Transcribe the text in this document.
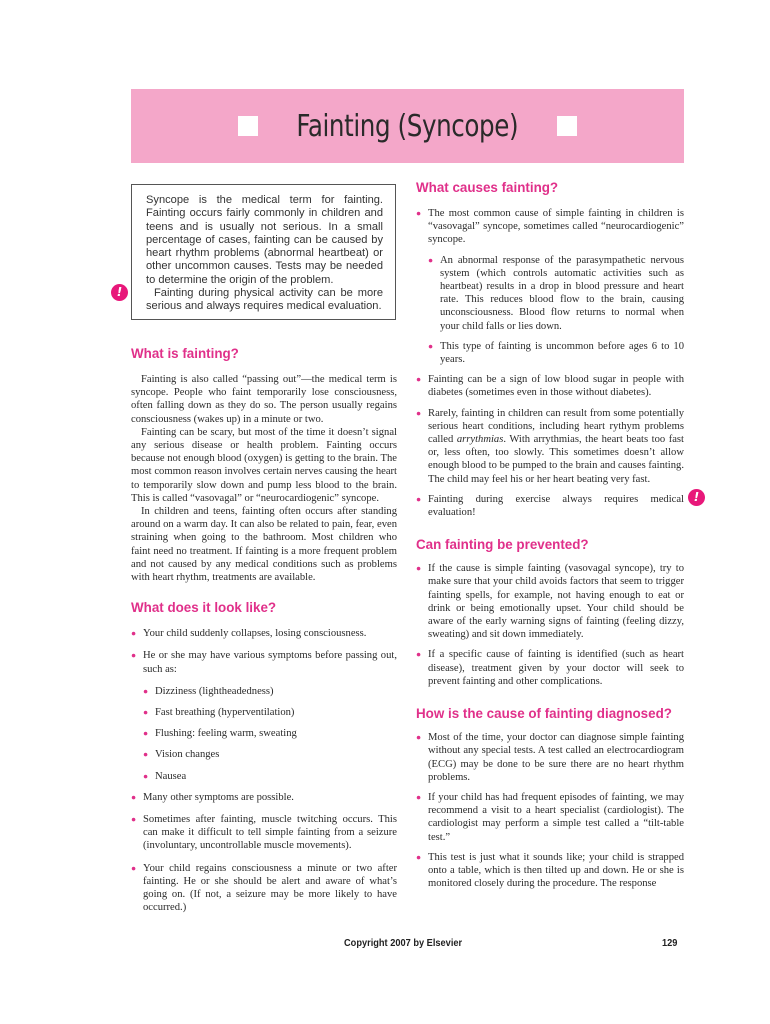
Fainting (Syncope)

Syncope is the medical term for fainting. Fainting occurs fairly commonly in children and teens and is usually not serious. In a small percentage of cases, fainting can be caused by heart rhythm problems (abnormal heartbeat) or other uncommon causes. Tests may be needed to determine the origin of the problem.

Fainting during physical activity can be more serious and always requires medical evaluation.

!
What is fainting?

Fainting is also called “passing out”—the medical term is syncope. People who faint temporarily lose consciousness, often falling down as they do so. The person usually regains consciousness (wakes up) in a minute or two.

Fainting can be scary, but most of the time it doesn’t signal any serious disease or health problem. Fainting occurs because not enough blood (oxygen) is getting to the brain. The most common reason involves certain nerves causing the heart to temporarily slow down and pump less blood to the brain. This is called “vasovagal” or “neurocardiogenic” syncope.

In children and teens, fainting often occurs after standing around on a warm day. It can also be related to pain, fear, even straining when going to the bathroom. Most children who faint need no treatment. If fainting is a more frequent problem and not caused by any medical conditions such as problems with heart rhythm, treatments are available.

What does it look like?
● Your child suddenly collapses, losing consciousness.
● He or she may have various symptoms before passing out, such as:
● Dizziness (lightheadedness)
● Fast breathing (hyperventilation)
● Flushing: feeling warm, sweating
● Vision changes
● Nausea
● Many other symptoms are possible.
● Sometimes after fainting, muscle twitching occurs. This can make it difficult to tell simple fainting from a seizure (involuntary, uncontrollable muscle movements).
● Your child regains consciousness a minute or two after fainting. He or she should be alert and aware of what’s going on. (If not, a seizure may be more likely to have occurred.)
What causes fainting?
● The most common cause of simple fainting in children is “vasovagal” syncope, sometimes called “neurocardiogenic” syncope.
● An abnormal response of the parasympathetic nervous system (which controls automatic activities such as heartbeat) results in a drop in blood pressure and heart rate. This reduces blood flow to the brain, causing unconsciousness. Blood flow returns to normal when your child falls or lies down.
● This type of fainting is uncommon before ages 6 to 10 years.
● Fainting can be a sign of low blood sugar in people with diabetes (sometimes even in those without diabetes).
● Rarely, fainting in children can result from some potentially serious heart conditions, including heart rythym problems called arrythmias. With arrythmias, the heart beats too fast or, less often, too slowly. This sometimes doesn’t allow enough blood to be pumped to the brain and causes fainting. The child may feel his or her heart beating very fast.
● Fainting during exercise always requires medical evaluation!
Can fainting be prevented?
● If the cause is simple fainting (vasovagal syncope), try to make sure that your child avoids factors that seem to trigger fainting spells, for example, not having enough to eat or drink or being emotionally upset. Your child should be aware of the early warning signs of fainting (feeling dizzy, sweating) and sit down immediately.
● If a specific cause of fainting is identified (such as heart disease), treatment given by your doctor will seek to prevent fainting and other complications.
How is the cause of fainting diagnosed?
● Most of the time, your doctor can diagnose simple fainting without any special tests. A test called an electrocardiogram (ECG) may be done to be sure there are no heart rhythm problems.
● If your child has had frequent episodes of fainting, we may recommend a visit to a heart specialist (cardiologist). The cardiologist may perform a simple test called a “tilt-table test.”
● This test is just what it sounds like; your child is strapped onto a table, which is then tilted up and down. He or she is monitored closely during the procedure. The response
!
Copyright 2007 by Elsevier	129
